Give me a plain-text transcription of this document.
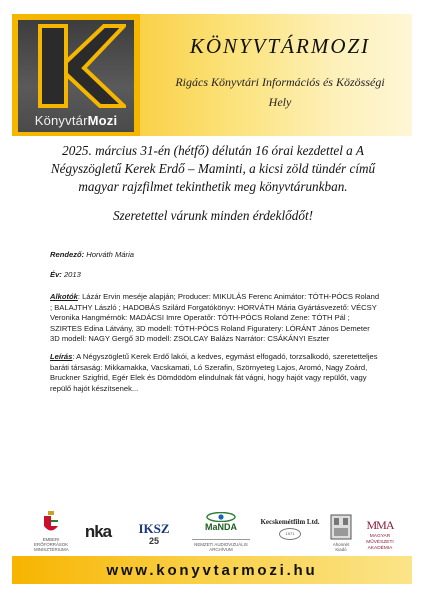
KönyvtárMozi
KÖNYVTÁRMOZI
Rigács Könyvtári Információs és Közösségi
Hely
2025. március 31-én (hétfő) délután 16 órai kezdettel a A Négyszögletű Kerek Erdő – Maminti, a kicsi zöld tündér című magyar rajzfilmet tekinthetik meg könyvtárunkban.
Szeretettel várunk minden érdeklődőt!
Rendező: Horváth Mária
Év: 2013
Alkotók: Lázár Ervin meséje alapján; Producer: MIKULÁS Ferenc Animátor: TÓTH-PÓCS Roland ; BALAJTHY László ; HADOBÁS Szilárd Forgatókönyv: HORVÁTH Mária Gyártásvezető: VÉCSY Veronika Hangmérnök: MADÁCSI Imre Operatőr: TÓTH-PÓCS Roland Zene: TÓTH Pál ; SZIRTES Edina Látvány, 3D modell: TÓTH-PÓCS Roland Figuratery: LÓRÁNT János Demeter 3D modell: NAGY Gergő 3D modell: ZSOLCAY Balázs Narrátor: CSÁKÁNYI Eszter
Leírás: A Négyszögletű Kerek Erdő lakói, a kedves, egymást elfogadó, torzsalkodó, szeretetteljes baráti társaság: Mikkamakka, Vacskamati, Ló Szerafin, Szörnyeteg Lajos, Aromó, Nagy Zoárd, Bruckner Szigfrid, Egér Elek és Dömdödöm elindulnak fát vágni, hogy hajót vagy repülőt, vagy repülő hajót készítsenek...
EMBERI ERŐFORRÁSOK MINISZTÉRIUMA
nka IKSZ
25
MaNDA
NEMZETI AUDIOVIZUÁLIS ARCHÍVUM
Kecskemétfilm Ltd.
1971
Ahonnét Kiadó
MMA
MAGYAR
MŰVÉSZETI
AKADÉMIA
www.konyvtarmozi.hu
